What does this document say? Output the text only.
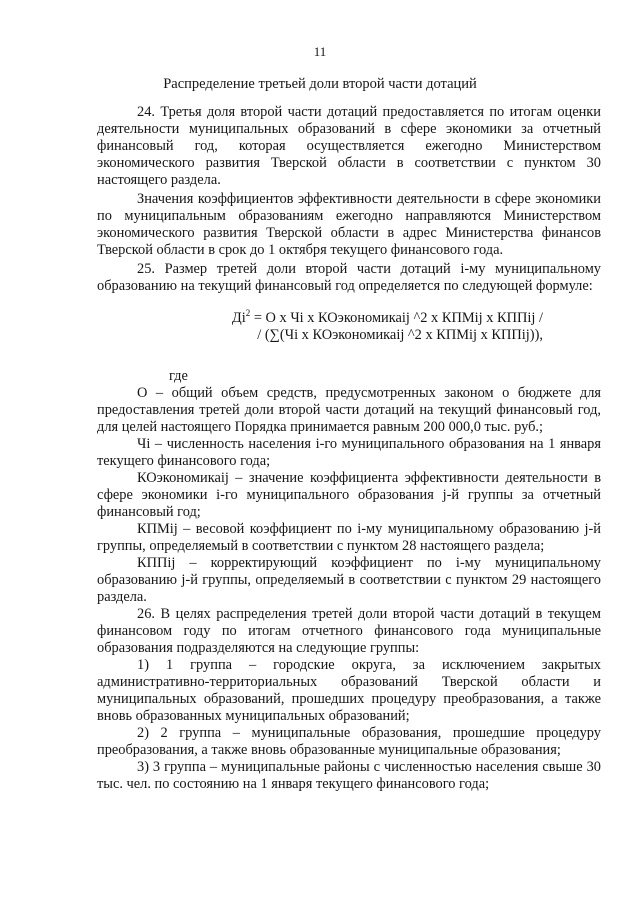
11
Распределение третьей доли второй части дотаций

24. Третья доля второй части дотаций предоставляется по итогам оценки деятельности муниципальных образований в сфере экономики за отчетный финансовый год, которая осуществляется ежегодно Министерством экономического развития Тверской области в соответствии с пунктом 30 настоящего раздела.

Значения коэффициентов эффективности деятельности в сфере экономики по муниципальным образованиям ежегодно направляются Министерством экономического развития Тверской области в адрес Министерства финансов Тверской области в срок до 1 октября текущего финансового года.

25. Размер третей доли второй части дотаций i-му муниципальному образованию на текущий финансовый год определяется по следующей формуле:

$Дi^2 = О$ х Чi х КОэкономикаij ^2 х КПМij х КППij /
/ (∑(Чi х КОэкономикаij ^2 х КПМij х КППij)),

где

О – общий объем средств, предусмотренных законом о бюджете для предоставления третей доли второй части дотаций на текущий финансовый год, для целей настоящего Порядка принимается равным 200 000,0 тыс. руб.;

Чi – численность населения i-го муниципального образования на 1 января текущего финансового года;

КОэкономикаij – значение коэффициента эффективности деятельности в сфере экономики i-го муниципального образования j-й группы за отчетный финансовый год;

КПМij – весовой коэффициент по i-му муниципальному образованию j-й группы, определяемый в соответствии с пунктом 28 настоящего раздела;

КППij – корректирующий коэффициент по i-му муниципальному образованию j-й группы, определяемый в соответствии с пунктом 29 настоящего раздела.

26. В целях распределения третей доли второй части дотаций в текущем финансовом году по итогам отчетного финансового года муниципальные образования подразделяются на следующие группы:

1) 1 группа – городские округа, за исключением закрытых административно-территориальных образований Тверской области и муниципальных образований, прошедших процедуру преобразования, а также вновь образованных муниципальных образований;

2) 2 группа – муниципальные образования, прошедшие процедуру преобразования, а также вновь образованные муниципальные образования;

3) 3 группа – муниципальные районы с численностью населения свыше 30 тыс. чел. по состоянию на 1 января текущего финансового года;
